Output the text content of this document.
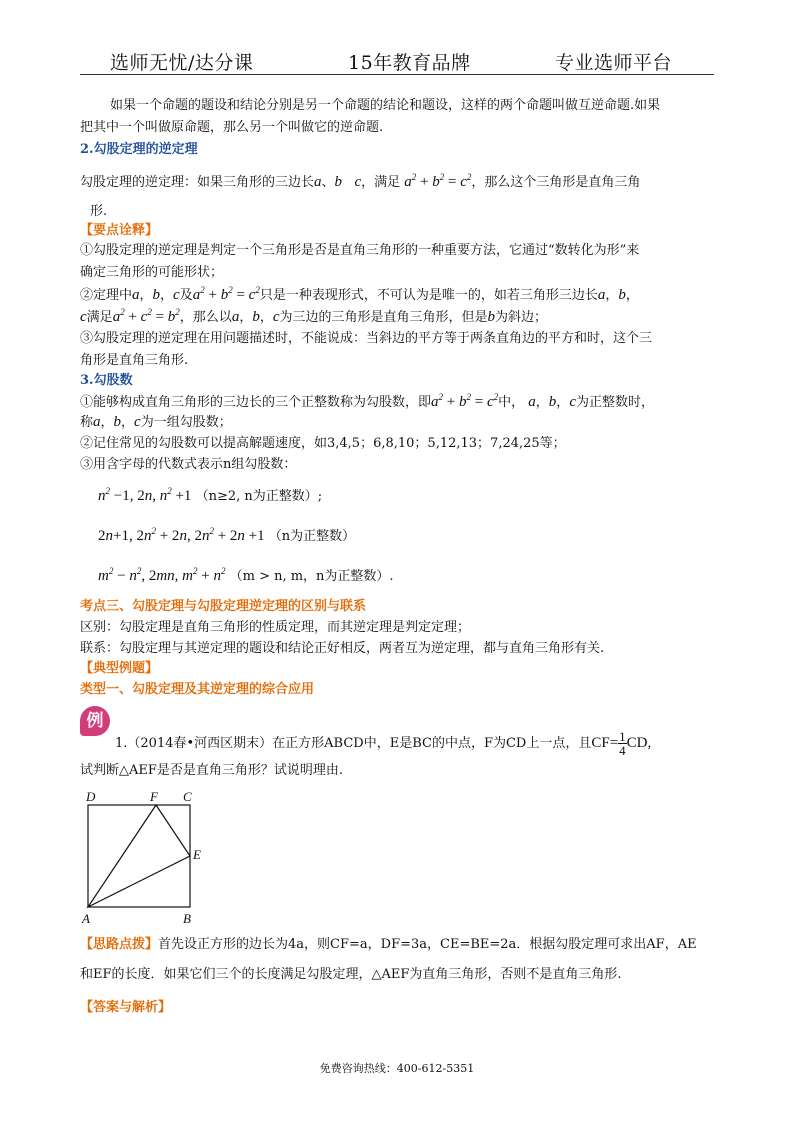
选师无忧/达分课	15年教育品牌	专业选师平台
如果一个命题的题设和结论分别是另一个命题的结论和题设，这样的两个命题叫做互逆命题.如果
把其中一个叫做原命题，那么另一个叫做它的逆命题.
2.勾股定理的逆定理
勾股定理的逆定理：如果三角形的三边长a、b c，满足 $a^2 + b^2 = c^2$，那么这个三角形是直角三角
形.
【要点诠释】
①勾股定理的逆定理是判定一个三角形是否是直角三角形的一种重要方法，它通过“数转化为形”来
确定三角形的可能形状；
②定理中a，b，c及$a^2 + b^2 = c^2$只是一种表现形式，不可认为是唯一的，如若三角形三边长a，b，
c满足$a^2 + c^2 = b^2$，那么以a，b，c为三边的三角形是直角三角形，但是b为斜边；
③勾股定理的逆定理在用问题描述时，不能说成：当斜边的平方等于两条直角边的平方和时，这个三
角形是直角三角形.
3.勾股数
①能够构成直角三角形的三边长的三个正整数称为勾股数，即$a^2 + b^2 = c^2$中， a，b，c为正整数时，
称a，b，c为一组勾股数；
②记住常见的勾股数可以提高解题速度，如3,4,5；6,8,10；5,12,13；7,24,25等；
③用含字母的代数式表示n组勾股数：
$n^2 -1$, 2n, $n^2 +1$ （n≥2, n为正整数）;
2n+1, $2n^2 + 2n$, $2n^2 + 2n +1$ （n为正整数）
$m^2 - n^2$, 2mn, $m^2 + n^2$ （m > n, m，n为正整数）.
考点三、勾股定理与勾股定理逆定理的区别与联系
区别：勾股定理是直角三角形的性质定理，而其逆定理是判定定理；
联系：勾股定理与其逆定理的题设和结论正好相反，两者互为逆定理，都与直角三角形有关.
【典型例题】
类型一、勾股定理及其逆定理的综合应用
例
1.（2014春•河西区期末）在正方形ABCD中，E是BC的中点，F为CD上一点，且$CF= \frac{1}{4}$ CD,
试判断△AEF是否是直角三角形？试说明理由.
D	F C
E
A	B
【思路点拨】首先设正方形的边长为4a，则CF=a，DF=3a，CE=BE=2a．根据勾股定理可求出AF，AE
和EF的长度．如果它们三个的长度满足勾股定理，△AEF为直角三角形，否则不是直角三角形.
【答案与解析】
免费咨询热线：400-612-5351
